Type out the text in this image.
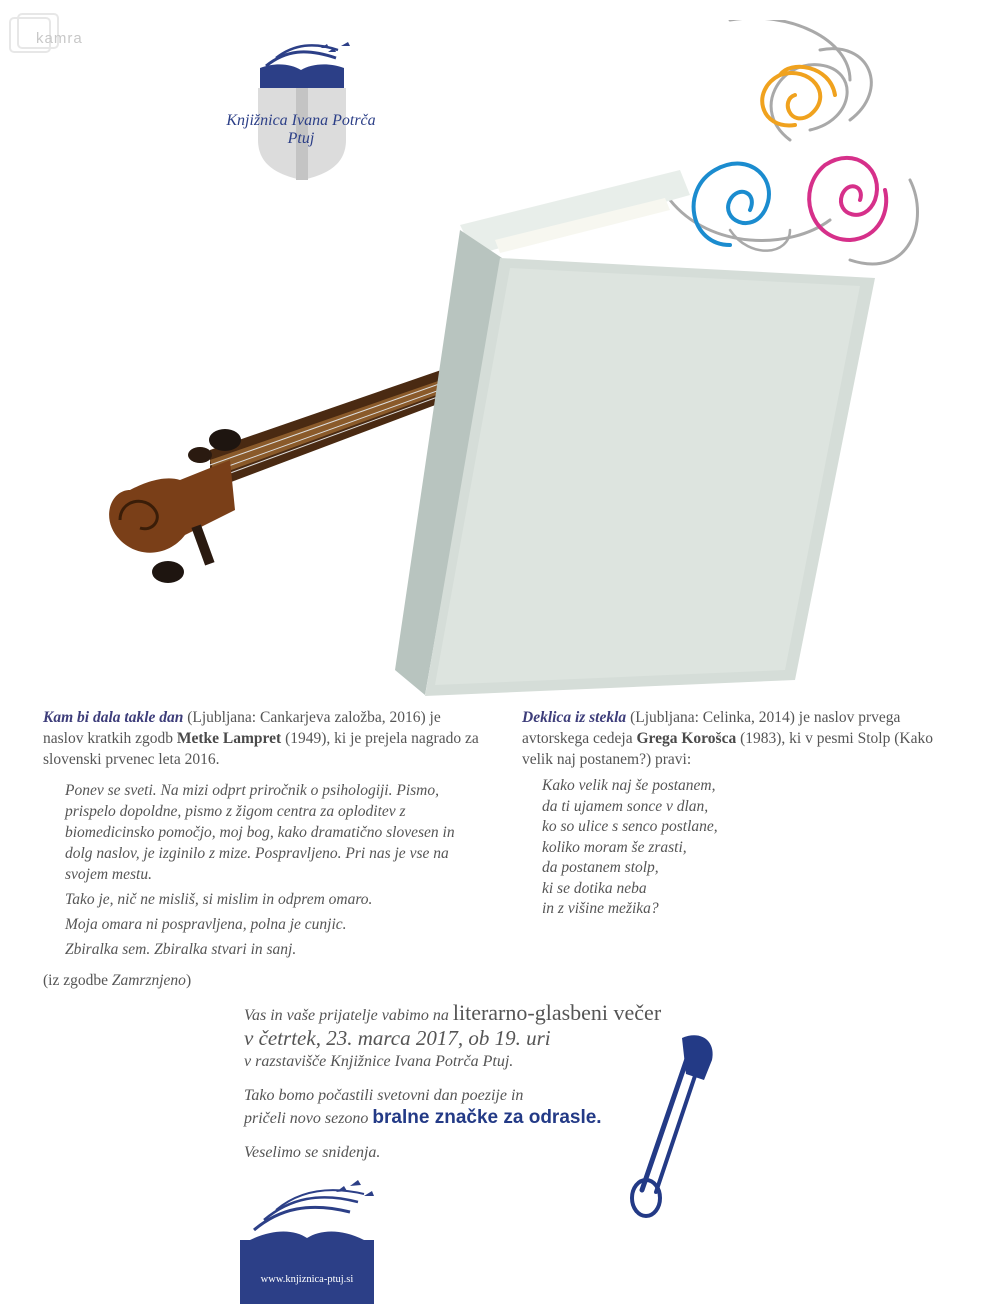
kamra
Knjižnica Ivana Potrča
Ptuj
Kam bi dala takle dan (Ljubljana: Cankarjeva založba, 2016) je naslov kratkih zgodb Metke Lampret (1949), ki je prejela nagrado za slovenski prvenec leta 2016.

Ponev se sveti. Na mizi odprt priročnik o psihologiji. Pismo, prispelo dopoldne, pismo z žigom centra za oploditev z biomedicinsko pomočjo, moj bog, kako dramatično slovesen in dolg naslov, je izginilo z mize. Pospravljeno. Pri nas je vse na svojem mestu.

Tako je, nič ne misliš, si mislim in odprem omaro.

Moja omara ni pospravljena, polna je cunjic.

Zbiralka sem. Zbiralka stvari in sanj.

(iz zgodbe Zamrznjeno)
Deklica iz stekla (Ljubljana: Celinka, 2014) je naslov prvega avtorskega cedeja Grega Korošca (1983), ki v pesmi Stolp (Kako velik naj postanem?) pravi:
Kako velik naj še postanem,
da ti ujamem sonce v dlan,
ko so ulice s senco postlane,
koliko moram še zrasti,
da postanem stolp,
ki se dotika neba
in z višine mežika?
Vas in vaše prijatelje vabimo na literarno-glasbeni večer
v četrtek, 23. marca 2017, ob 19. uri
v razstavišče Knjižnice Ivana Potrča Ptuj.
Tako bomo počastili svetovni dan poezije in
pričeli novo sezono bralne značke za odrasle.
Veselimo se snidenja.
www.knjiznica-ptuj.si
